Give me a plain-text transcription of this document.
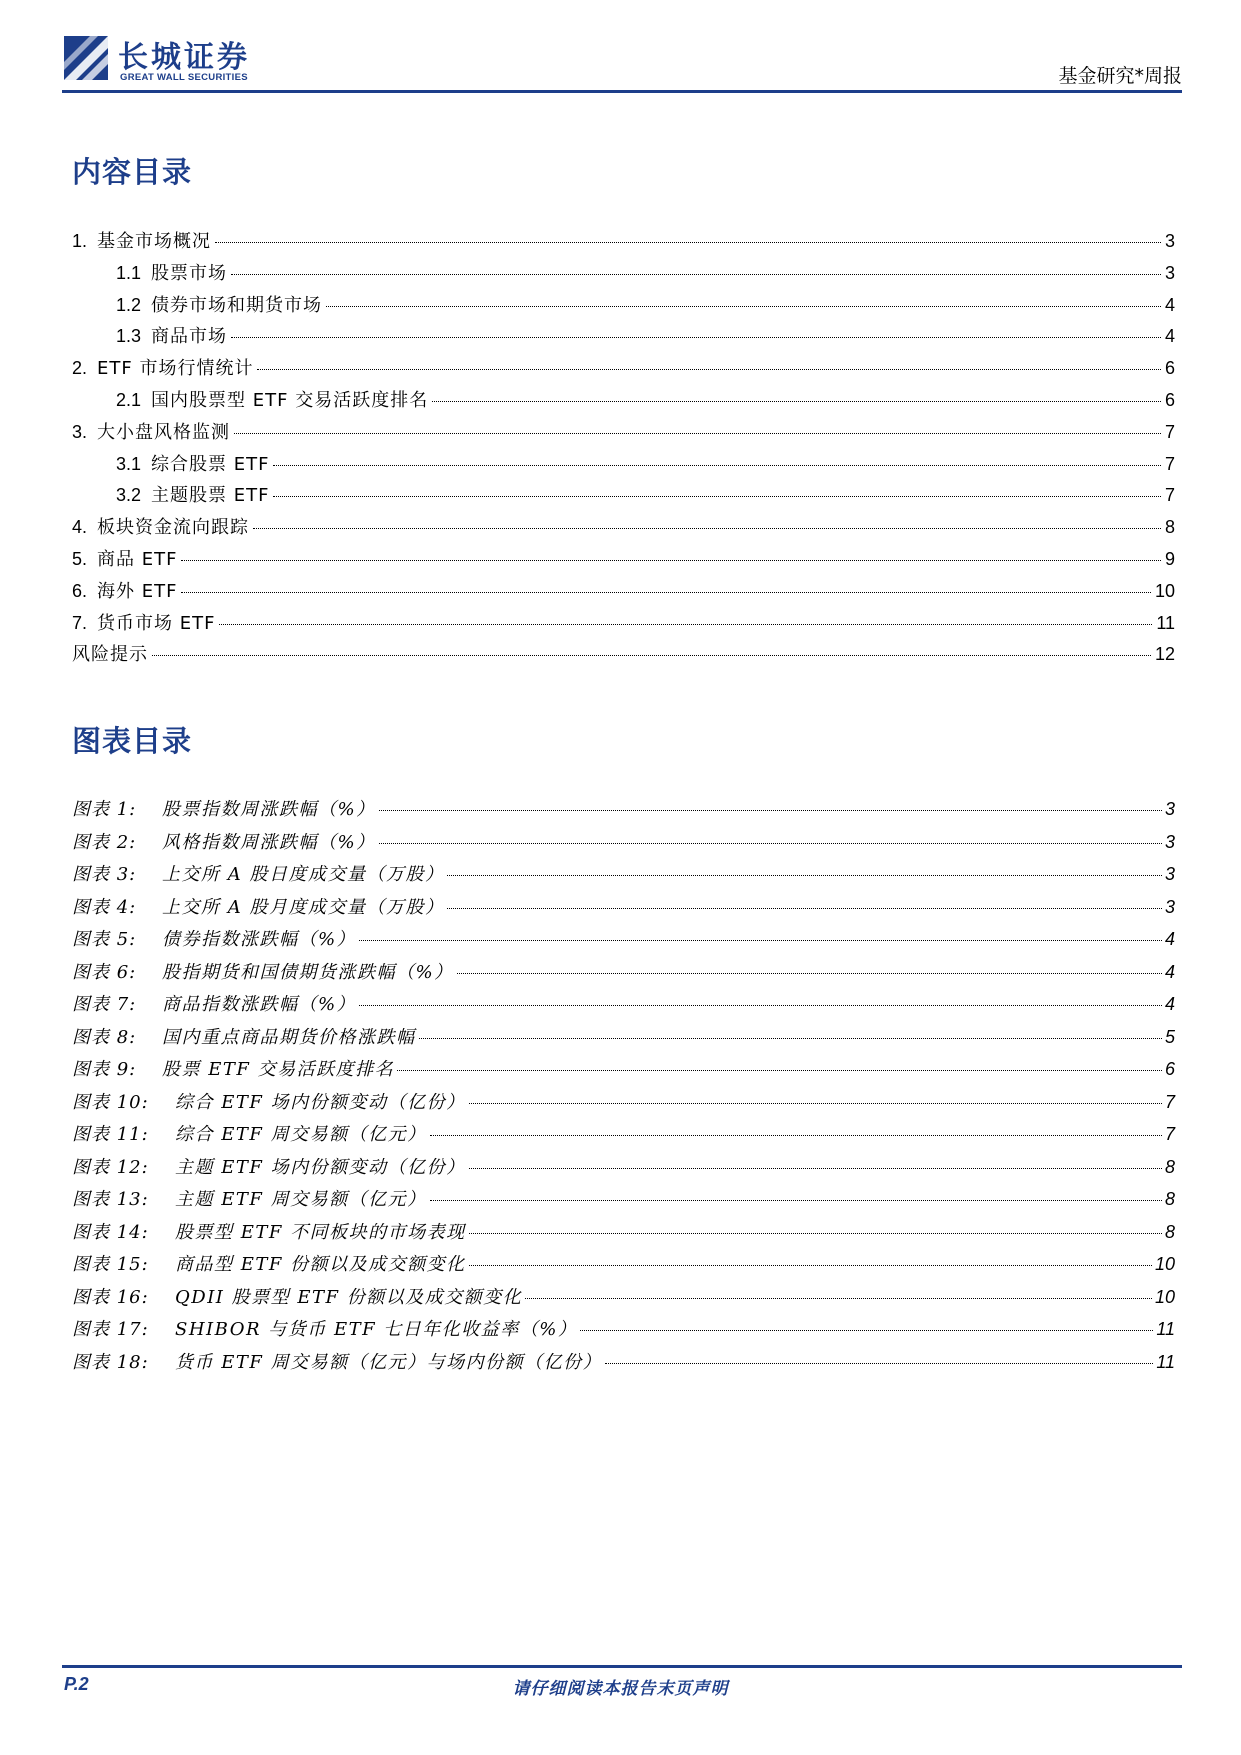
长城证券
GREAT WALL SECURITIES	基金研究*周报
内容目录
1. 基金市场概况	3
1.1 股票市场	3
1.2 债券市场和期货市场	4
1.3 商品市场	4
2. ETF 市场行情统计	6
2.1 国内股票型 ETF 交易活跃度排名	6
3. 大小盘风格监测	7
3.1 综合股票 ETF	7
3.2 主题股票 ETF	7
4. 板块资金流向跟踪	8
5. 商品 ETF	9
6. 海外 ETF	10
7. 货币市场 ETF	11
风险提示	12
图表目录
图表 1:	股票指数周涨跌幅（%）	3
图表 2:	风格指数周涨跌幅（%）	3
图表 3:	上交所 A 股日度成交量（万股）	3
图表 4:	上交所 A 股月度成交量（万股）	3
图表 5:	债券指数涨跌幅（%）	4
图表 6:	股指期货和国债期货涨跌幅（%）	4
图表 7:	商品指数涨跌幅（%）	4
图表 8:	国内重点商品期货价格涨跌幅	5
图表 9:	股票 ETF 交易活跃度排名	6
图表 10:	综合 ETF 场内份额变动（亿份）	7
图表 11:	综合 ETF 周交易额（亿元）	7
图表 12:	主题 ETF 场内份额变动（亿份）	8
图表 13:	主题 ETF 周交易额（亿元）	8
图表 14:	股票型 ETF 不同板块的市场表现	8
图表 15:	商品型 ETF 份额以及成交额变化	10
图表 16:	QDII 股票型 ETF 份额以及成交额变化	10
图表 17:	SHIBOR 与货币 ETF 七日年化收益率（%）	11
图表 18:	货币 ETF 周交易额（亿元）与场内份额（亿份）	11
P.2	请仔细阅读本报告末页声明
